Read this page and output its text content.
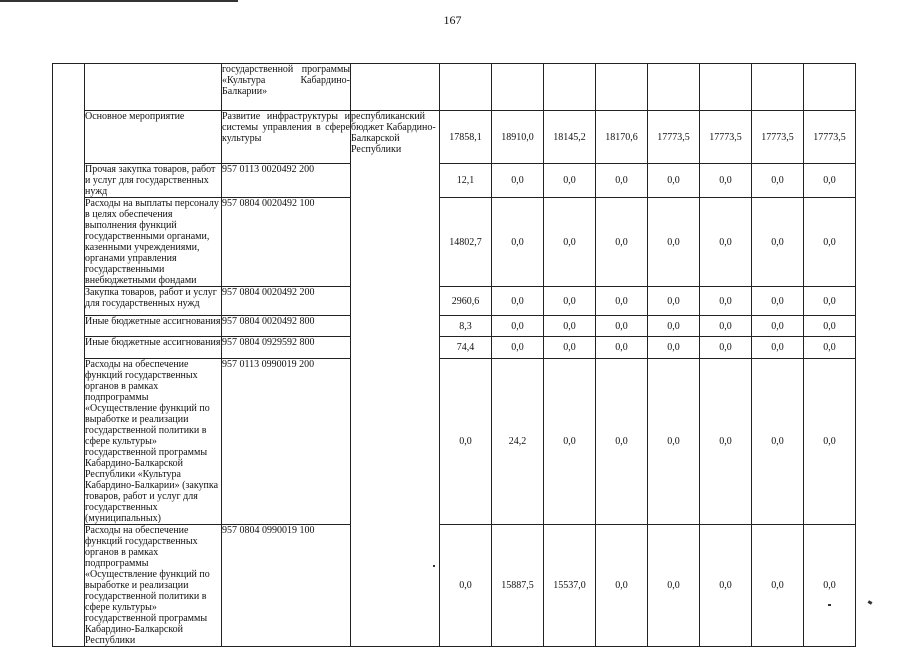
167
		государственной программы «Культура Кабардино-Балкарии»									
	Основное мероприятие	Развитие инфраструктуры и системы управления в сфере культуры	республиканский бюджет Кабардино-Балкарской Республики	17858,1	18910,0	18145,2	18170,6	17773,5	17773,5	17773,5	17773,5
	Прочая закупка товаров, работ и услуг для государственных нужд	957 0113 0020492 200		12,1	0,0	0,0	0,0	0,0	0,0	0,0	0,0
	Расходы на выплаты персоналу в целях обеспечения выполнения функций государственными органами, казенными учреждениями, органами управления государственными внебюджетными фондами	957 0804 0020492 100		14802,7	0,0	0,0	0,0	0,0	0,0	0,0	0,0
	Закупка товаров, работ и услуг для государственных нужд	957 0804 0020492 200		2960,6	0,0	0,0	0,0	0,0	0,0	0,0	0,0
	Иные бюджетные ассигнования	957 0804 0020492 800		8,3	0,0	0,0	0,0	0,0	0,0	0,0	0,0
	Иные бюджетные ассигнования	957 0804 0929592 800		74,4	0,0	0,0	0,0	0,0	0,0	0,0	0,0
	Расходы на обеспечение функций государственных органов в рамках подпрограммы «Осуществление функций по выработке и реализации государственной политики в сфере культуры» государственной программы Кабардино-Балкарской Республики «Культура Кабардино-Балкарии» (закупка товаров, работ и услуг для государственных (муниципальных)	957 0113 0990019 200		0,0	24,2	0,0	0,0	0,0	0,0	0,0	0,0
	Расходы на обеспечение функций государственных органов в рамках подпрограммы «Осуществление функций по выработке и реализации государственной политики в сфере культуры» государственной программы Кабардино-Балкарской Республики	957 0804 0990019 100		0,0	15887,5	15537,0	0,0	0,0	0,0	0,0	0,0
